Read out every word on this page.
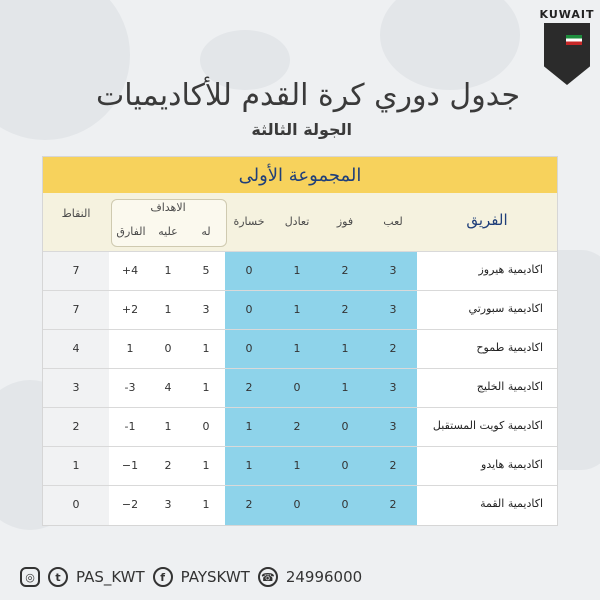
KUWAIT
جدول دوري كرة القدم للأكاديميات
الجولة الثالثة
المجموعة الأولى
النقاط	الاهداف
الفارق	عليه	له
خسارة	تعادل	فوز	لعب	الفريق
7	+4	1	5	0	1	2	3	اكاديمية هيروز
7	+2	1	3	0	1	2	3	اكاديمية سبورتي
4	1	0	1	0	1	1	2	اكاديمية طموح
3	-3	4	1	2	0	1	3	اكاديمية الخليج
2	-1	1	0	1	2	0	3	اكاديمية كويت المستقبل
1	−1	2	1	1	1	0	2	اكاديمية هايدو
0	−2	3	1	2	0	0	2	اكاديمية القمة
◎	t	PAS_KWT	f	PAYSKWT ☎ 24996000
